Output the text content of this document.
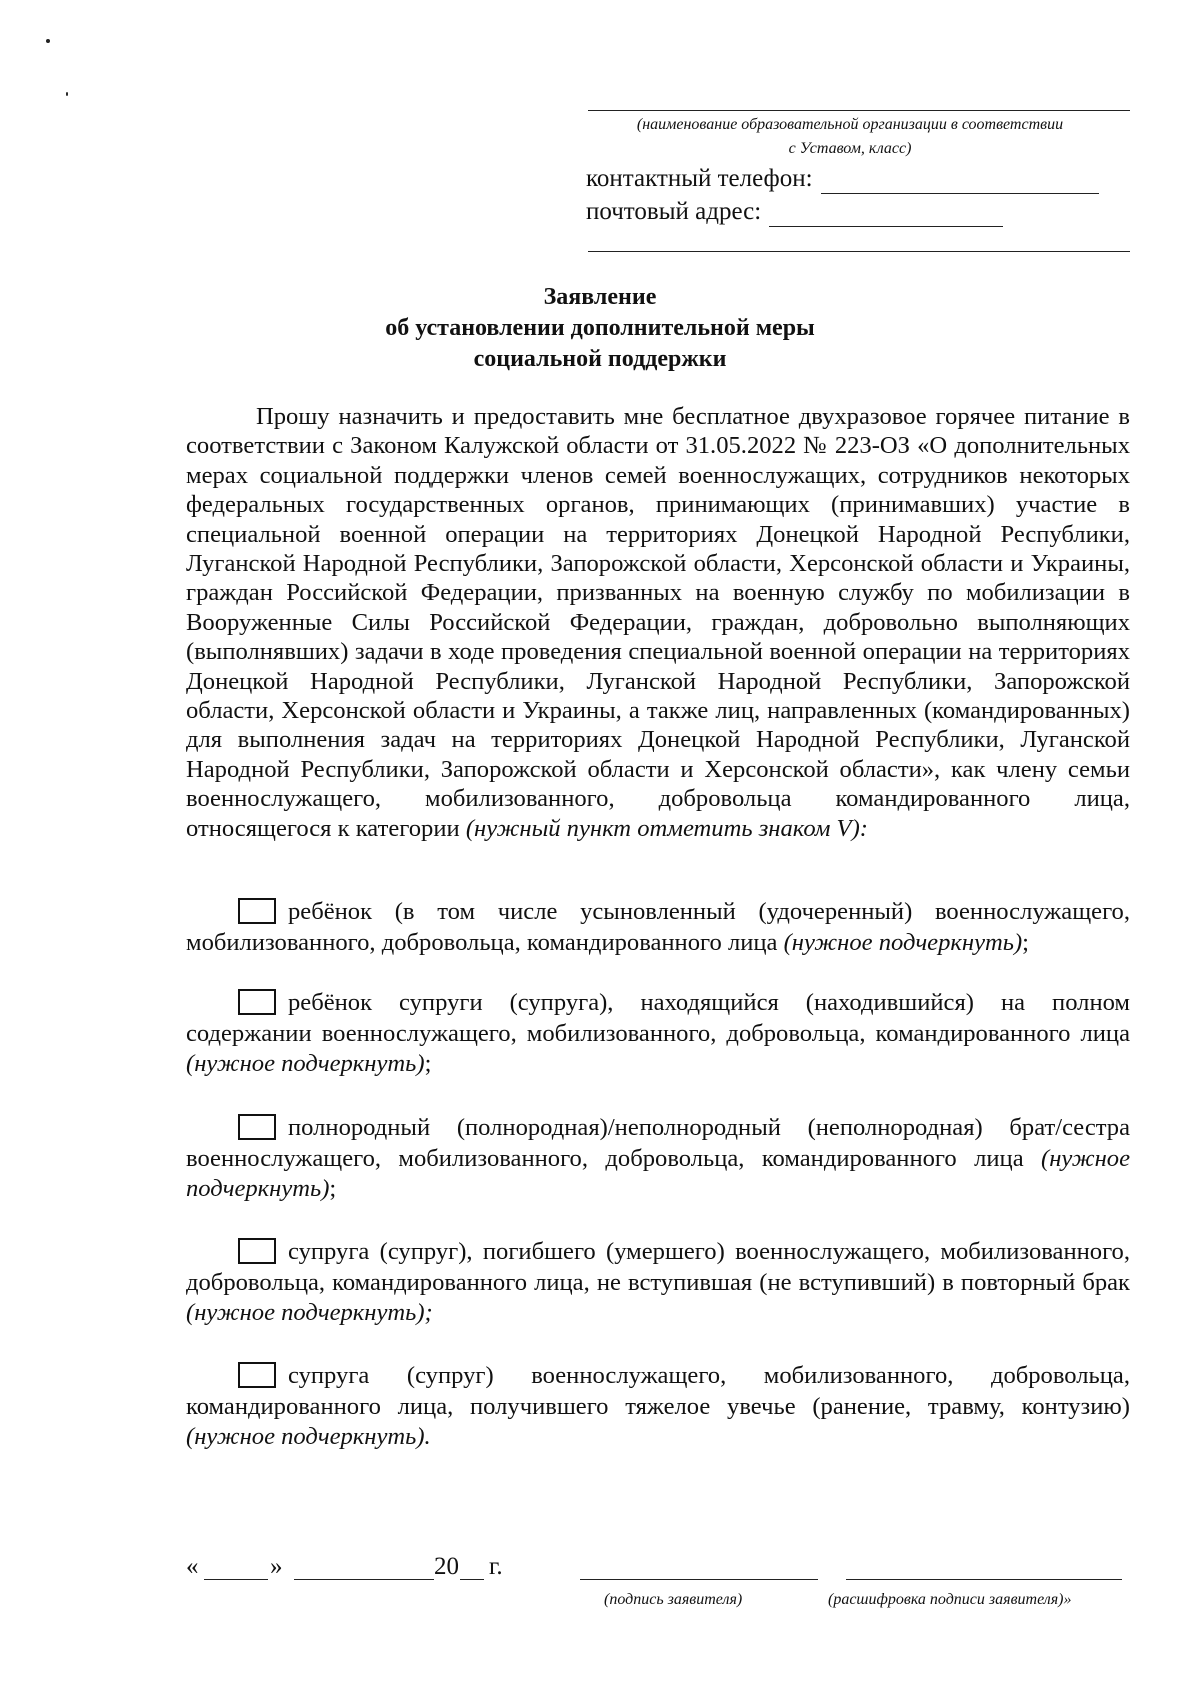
(наименование образовательной организации в соответствии
с Уставом, класс)
контактный телефон:
почтовый адрес:
Заявление
об установлении дополнительной меры
социальной поддержки

Прошу назначить и предоставить мне бесплатное двухразовое горячее питание в соответствии с Законом Калужской области от 31.05.2022 № 223-ОЗ «О дополнительных мерах социальной поддержки членов семей военнослужащих, сотрудников некоторых федеральных государственных органов, принимающих (принимавших) участие в специальной военной операции на территориях Донецкой Народной Республики, Луганской Народной Республики, Запорожской области, Херсонской области и Украины, граждан Российской Федерации, призванных на военную службу по мобилизации в Вооруженные Силы Российской Федерации, граждан, добровольно выполняющих (выполнявших) задачи в ходе проведения специальной военной операции на территориях Донецкой Народной Республики, Луганской Народной Республики, Запорожской области, Херсонской области и Украины, а также лиц, направленных (командированных) для выполнения задач на территориях Донецкой Народной Республики, Луганской Народной Республики, Запорожской области и Херсонской области», как члену семьи военнослужащего, мобилизованного, добровольца командированного лица, относящегося к категории (нужный пункт отметить знаком V):

ребёнок (в том числе усыновленный (удочеренный) военнослужащего, мобилизованного, добровольца, командированного лица (нужное подчеркнуть);
ребёнок супруги (супруга), находящийся (находившийся) на полном содержании военнослужащего, мобилизованного, добровольца, командированного лица (нужное подчеркнуть);
полнородный (полнородная)/неполнородный (неполнородная) брат/сестра военнослужащего, мобилизованного, добровольца, командированного лица (нужное подчеркнуть);
супруга (супруг), погибшего (умершего) военнослужащего, мобилизованного, добровольца, командированного лица, не вступившая (не вступивший) в повторный брак (нужное подчеркнуть);
супруга (супруг) военнослужащего, мобилизованного, добровольца, командированного лица, получившего тяжелое увечье (ранение, травму, контузию) (нужное подчеркнуть).
«	»	20 г.
(подпись заявителя)	(расшифровка подписи заявителя)»
